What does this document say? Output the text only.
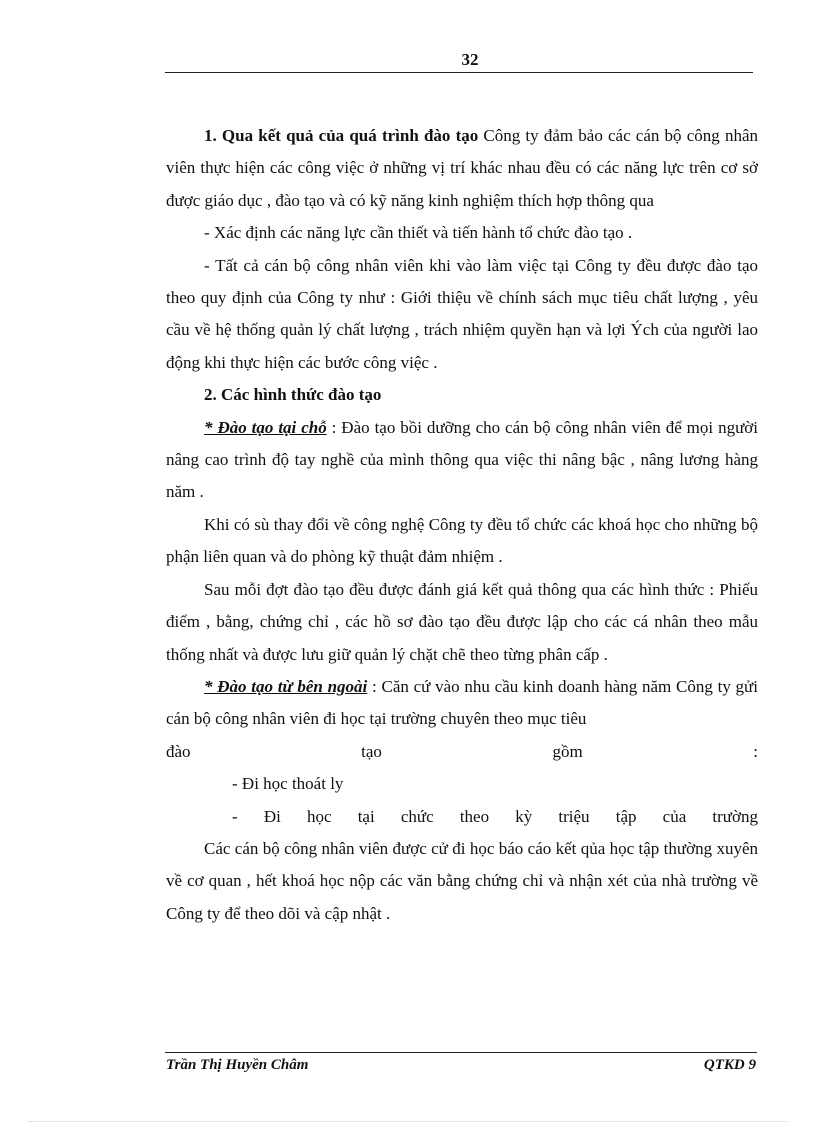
32

1. Qua kết quả của quá trình đào tạo Công ty đảm bảo các cán bộ công nhân viên thực hiện các công việc ở những vị trí khác nhau đều có các năng lực trên cơ sở được giáo dục , đào tạo và có kỹ năng kinh nghiệm thích hợp thông qua

- Xác định các năng lực cần thiết và tiến hành tổ chức đào tạo .

- Tất cả cán bộ công nhân viên khi vào làm việc tại Công ty đều được đào tạo theo quy định của Công ty như : Giới thiệu về chính sách mục tiêu chất lượng , yêu cầu về hệ thống quản lý chất lượng , trách nhiệm quyền hạn và lợi Ých của người lao động khi thực hiện các bước công việc .

2. Các hình thức đào tạo

* Đào tạo tại chỗ : Đào tạo bồi dưỡng cho cán bộ công nhân viên để mọi người nâng cao trình độ tay nghề của mình thông qua việc thi nâng bậc , nâng lương hàng năm .

Khi có sù thay đổi về công nghệ Công ty đều tổ chức các khoá học cho những bộ phận liên quan và do phòng kỹ thuật đảm nhiệm .

Sau mỗi đợt đào tạo đều được đánh giá kết quả thông qua các hình thức : Phiếu điểm , bằng, chứng chỉ , các hồ sơ đào tạo đều được lập cho các cá nhân theo mẫu thống nhất và được lưu giữ quản lý chặt chẽ theo từng phân cấp .

* Đào tạo từ bên ngoài : Căn cứ vào nhu cầu kinh doanh hàng năm Công ty gửi cán bộ công nhân viên đi học tại trường chuyên theo mục tiêu

đào tạo gồm :

- Đi học thoát ly

- Đi học tại chức theo kỳ triệu tập của trường

Các cán bộ công nhân viên được cử đi học báo cáo kết qủa học tập thường xuyên về cơ quan , hết khoá học nộp các văn bằng chứng chỉ và nhận xét của nhà trường về Công ty để theo dõi và cập nhật .

Trần Thị Huyền Châm	QTKD 9
